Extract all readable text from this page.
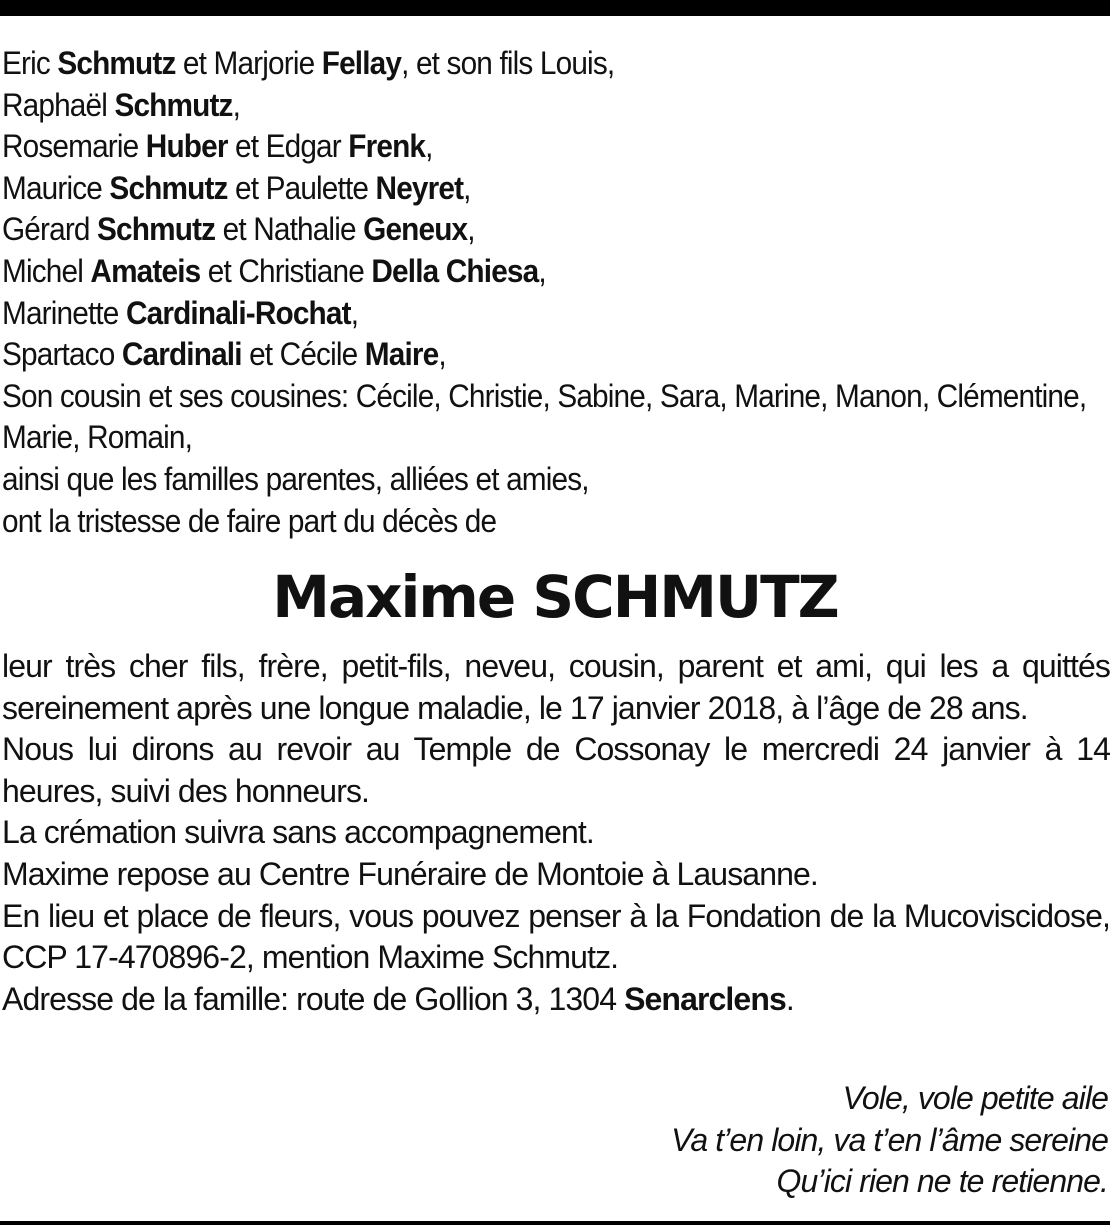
Eric Schmutz et Marjorie Fellay, et son fils Louis,
Raphaël Schmutz,
Rosemarie Huber et Edgar Frenk,
Maurice Schmutz et Paulette Neyret,
Gérard Schmutz et Nathalie Geneux,
Michel Amateis et Christiane Della Chiesa,
Marinette Cardinali-Rochat,
Spartaco Cardinali et Cécile Maire,
Son cousin et ses cousines: Cécile, Christie, Sabine, Sara, Marine, Manon, Clémentine, Marie, Romain,
ainsi que les familles parentes, alliées et amies,
ont la tristesse de faire part du décès de
Maxime SCHMUTZ

leur très cher fils, frère, petit-fils, neveu, cousin, parent et ami, qui les a quittés sereinement après une longue maladie, le 17 janvier 2018, à l’âge de 28 ans.

Nous lui dirons au revoir au Temple de Cossonay le mercredi 24 janvier à 14 heures, suivi des honneurs.

La crémation suivra sans accompagnement.

Maxime repose au Centre Funéraire de Montoie à Lausanne.

En lieu et place de fleurs, vous pouvez penser à la Fondation de la Mucoviscidose, CCP 17-470896-2, mention Maxime Schmutz.

Adresse de la famille: route de Gollion 3, 1304 Senarclens.

Vole, vole petite aile
Va t’en loin, va t’en l’âme sereine
Qu’ici rien ne te retienne.
